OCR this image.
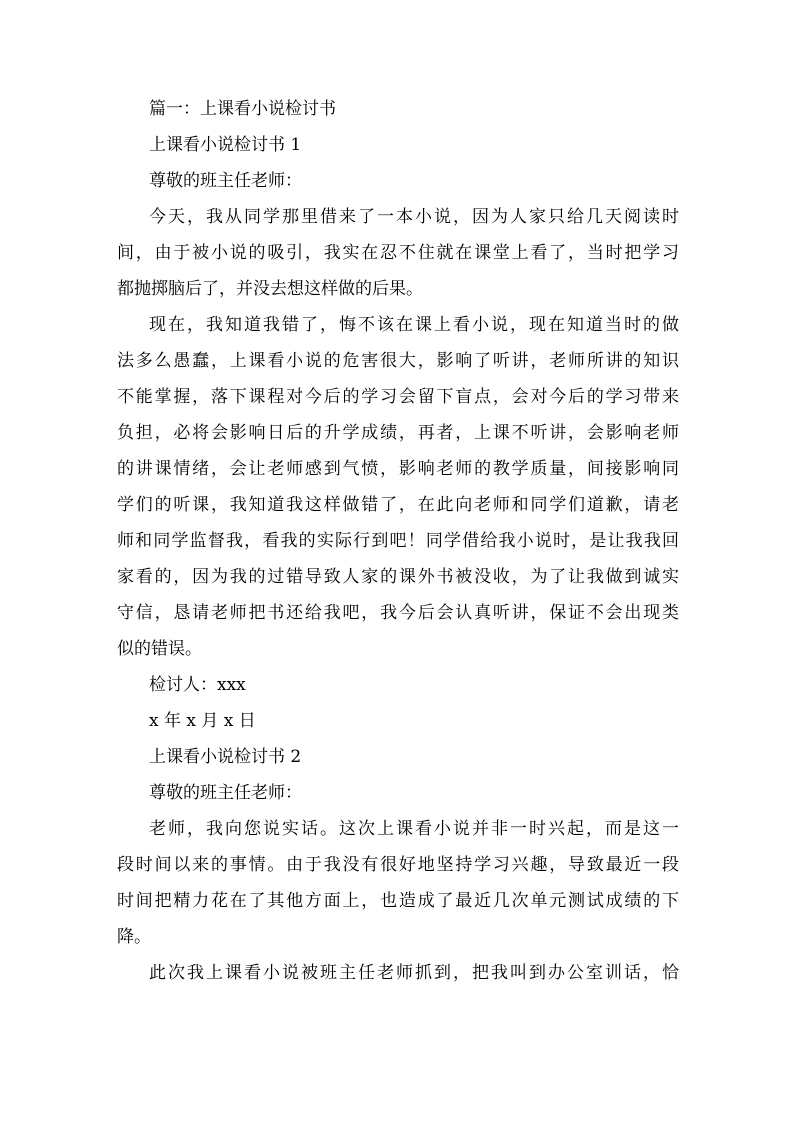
篇一：上课看小说检讨书

上课看小说检讨书 1

尊敬的班主任老师：

今天，我从同学那里借来了一本小说，因为人家只给几天阅读时
间，由于被小说的吸引，我实在忍不住就在课堂上看了，当时把学习
都抛掷脑后了，并没去想这样做的后果。
现在，我知道我错了，悔不该在课上看小说，现在知道当时的做
法多么愚蠢，上课看小说的危害很大，影响了听讲，老师所讲的知识
不能掌握，落下课程对今后的学习会留下盲点，会对今后的学习带来
负担，必将会影响日后的升学成绩，再者，上课不听讲，会影响老师
的讲课情绪，会让老师感到气愤，影响老师的教学质量，间接影响同
学们的听课，我知道我这样做错了，在此向老师和同学们道歉，请老
师和同学监督我，看我的实际行到吧！同学借给我小说时，是让我我回
家看的，因为我的过错导致人家的课外书被没收，为了让我做到诚实
守信，恳请老师把书还给我吧，我今后会认真听讲，保证不会出现类
似的错误。

检讨人：xxx

x 年 x 月 x 日

上课看小说检讨书 2

尊敬的班主任老师：

老师，我向您说实话。这次上课看小说并非一时兴起，而是这一
段时间以来的事情。由于我没有很好地坚持学习兴趣，导致最近一段
时间把精力花在了其他方面上，也造成了最近几次单元测试成绩的下
降。
此次我上课看小说被班主任老师抓到，把我叫到办公室训话，恰
